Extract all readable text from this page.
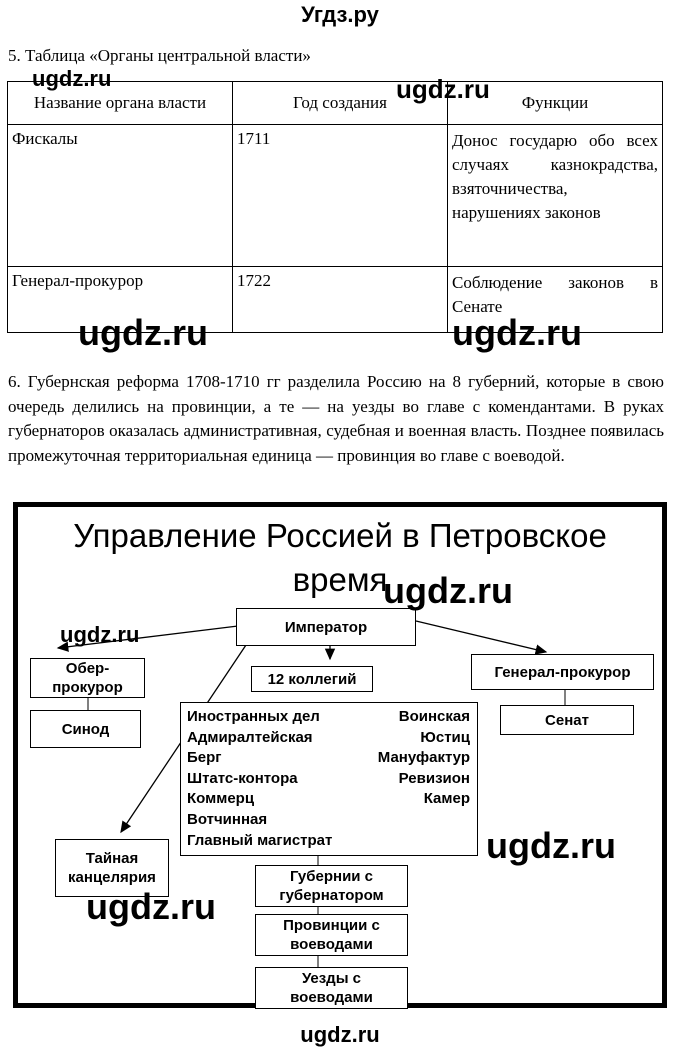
Угдз.ру
5. Таблица «Органы центральной власти»
Название органа власти	Год создания	Функции
Фискалы	1711	Донос государю обо всех случаях казнокрадства, взяточничества, нарушениях законов
Генерал-прокурор	1722	Соблюдение законов в Сенате
6. Губернская реформа 1708-1710 гг разделила Россию на 8 губерний, которые в свою очередь делились на провинции, а те — на уезды во главе с комендантами. В руках губернаторов оказалась административная, судебная и военная власть. Позднее появилась промежуточная территориальная единица — провинция во главе с воеводой.
Управление Россией в Петровское
время
Император
12 коллегий
Иностранных дел
Адмиралтейская
Берг
Штатс-контора
Коммерц
Вотчинная
Главный магистрат
Воинская
Юстиц
Мануфактур
Ревизион
Камер
Обер-
прокурор
Синод
Тайная
канцелярия
Генерал-прокурор
Сенат
Губернии с
губернатором
Провинции с
воеводами
Уезды с
воеводами
ugdz.ru	ugdz.ru
ugdz.ru	ugdz.ru
ugdz.ru
ugdz.ru
ugdz.ru
ugdz.ru
ugdz.ru
